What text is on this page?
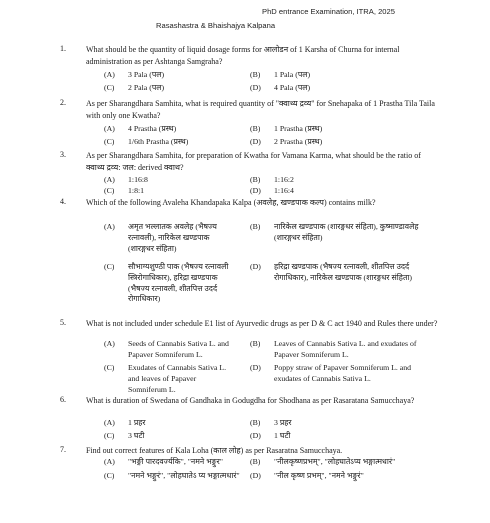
PhD entrance Examination, ITRA, 2025
Rasashastra & Bhaishajya Kalpana
1.	What should be the quantity of liquid dosage forms for आलोडन of 1 Karsha of Churna for internal administration as per Ashtanga Samgraha?
(A) 3 Pala (पल)	(B) 1 Pala (पल)
(C) 2 Pala (पल)	(D) 4 Pala (पल)
2.	As per Sharangdhara Samhita, what is required quantity of "क्वाथ्य द्रव्य" for Snehapaka of 1 Prastha Tila Taila with only one Kwatha?
(A) 4 Prastha (प्रस्थ)	(B) 1 Prastha (प्रस्थ)
(C) 1/6th Prastha (प्रस्थ)	(D) 2 Prastha (प्रस्थ)
3.	As per Sharangdhara Samhita, for preparation of Kwatha for Vamana Karma, what should be the ratio of क्वाथ्य द्रव्य: जल: derived क्वाथ?
(A) 1:16:8	(B) 1:16:2
(C) 1:8:1	(D) 1:16:4
4.	Which of the following Avaleha Khandapaka Kalpa (अवलेह, खण्डपाक कल्प) contains milk?
(A) अमृत भल्लातक अवलेह (भैषज्य रत्नावली), नारिकेल खण्डपाक (शारङ्गधर संहिता)
(B) नारिकेल खण्डपाक (शारङ्गधर संहिता), कुष्माण्डावलेह (शारङ्गधर संहिता)
(C) सौभाग्यशुण्ठी पाक (भैषज्य रत्नावली स्त्रिरोगाधिकार), हरिद्रा खण्डपाक (भैषज्य रत्नावली, शीतपित्त उदर्द रोगाधिकार)
(D) हरिद्रा खण्डपाक (भैषज्य रत्नावली, शीतपित्त उदर्द रोगाधिकार), नारिकेल खण्डपाक (शारङ्गधर संहिता)
5.	What is not included under schedule E1 list of Ayurvedic drugs as per D & C act 1940 and Rules there under?
(A) Seeds of Cannabis Sativa L. and Papaver Somniferum L.
(B) Leaves of Cannabis Sativa L. and exudates of Papaver Somniferum L.
(C) Exudates of Cannabis Sativa L. and leaves of Papaver Somniferum L.
(D) Poppy straw of Papaver Somniferum L. and exudates of Cannabis Sativa L.
6.	What is duration of Swedana of Gandhaka in Godugdha for Shodhana as per Rasaratana Samucchaya?
(A) 1 प्रहर	(B) 3 प्रहर
(C) 3 घटी	(D) 1 घटी
7.	Find out correct features of Kala Loha (काल लोह) as per Rasaratna Samucchaya.
(A) "भङ्गी पारदवर्ज्यकि", "नमने भङ्गुर"	(B) "नीलकृष्णप्रभम्", "लोहघातेऽप्य भङ्गात्मधारं"
(C) "नमने भङ्गुरं", "लोहघातेऽ प्य भङ्गात्मधारं"	(D) "नील कृष्ण प्रभम्", "नमने भङ्गुरं"
